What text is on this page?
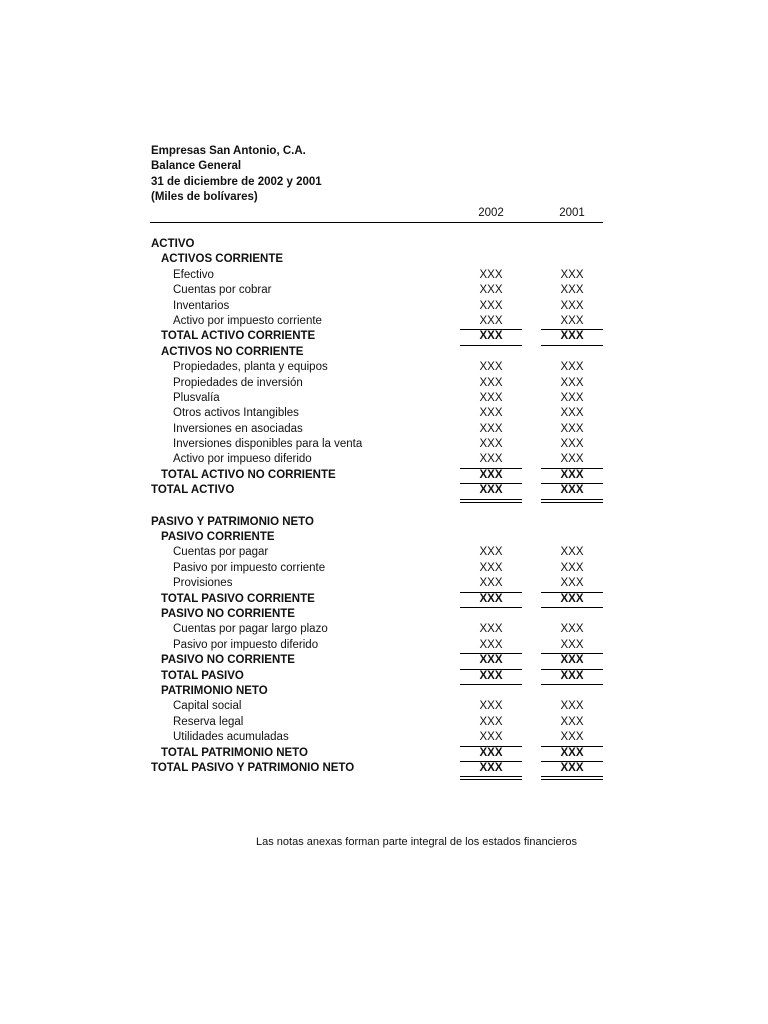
Empresas San Antonio, C.A.
Balance General
31 de diciembre de 2002 y 2001
(Miles de bolívares)
2002	2001
ACTIVO
ACTIVOS CORRIENTE
Efectivo	XXX	XXX
Cuentas por cobrar	XXX	XXX
Inventarios	XXX	XXX
Activo por impuesto corriente	XXX	XXX
TOTAL ACTIVO CORRIENTE	XXX	XXX
ACTIVOS NO CORRIENTE
Propiedades, planta y equipos	XXX	XXX
Propiedades de inversión	XXX	XXX
Plusvalía	XXX	XXX
Otros activos Intangibles	XXX	XXX
Inversiones en asociadas	XXX	XXX
Inversiones disponibles para la venta	XXX	XXX
Activo por impueso diferido	XXX	XXX
TOTAL ACTIVO NO CORRIENTE	XXX	XXX
TOTAL ACTIVO	XXX	XXX
PASIVO Y PATRIMONIO NETO
PASIVO CORRIENTE
Cuentas por pagar	XXX	XXX
Pasivo por impuesto corriente	XXX	XXX
Provisiones	XXX	XXX
TOTAL PASIVO CORRIENTE	XXX	XXX
PASIVO NO CORRIENTE
Cuentas por pagar largo plazo	XXX	XXX
Pasivo por impuesto diferido	XXX	XXX
PASIVO NO CORRIENTE	XXX	XXX
TOTAL PASIVO	XXX	XXX
PATRIMONIO NETO
Capital social	XXX	XXX
Reserva legal	XXX	XXX
Utilidades acumuladas	XXX	XXX
TOTAL PATRIMONIO NETO	XXX	XXX
TOTAL PASIVO Y PATRIMONIO NETO	XXX	XXX
Las notas anexas forman parte integral de los estados financieros
